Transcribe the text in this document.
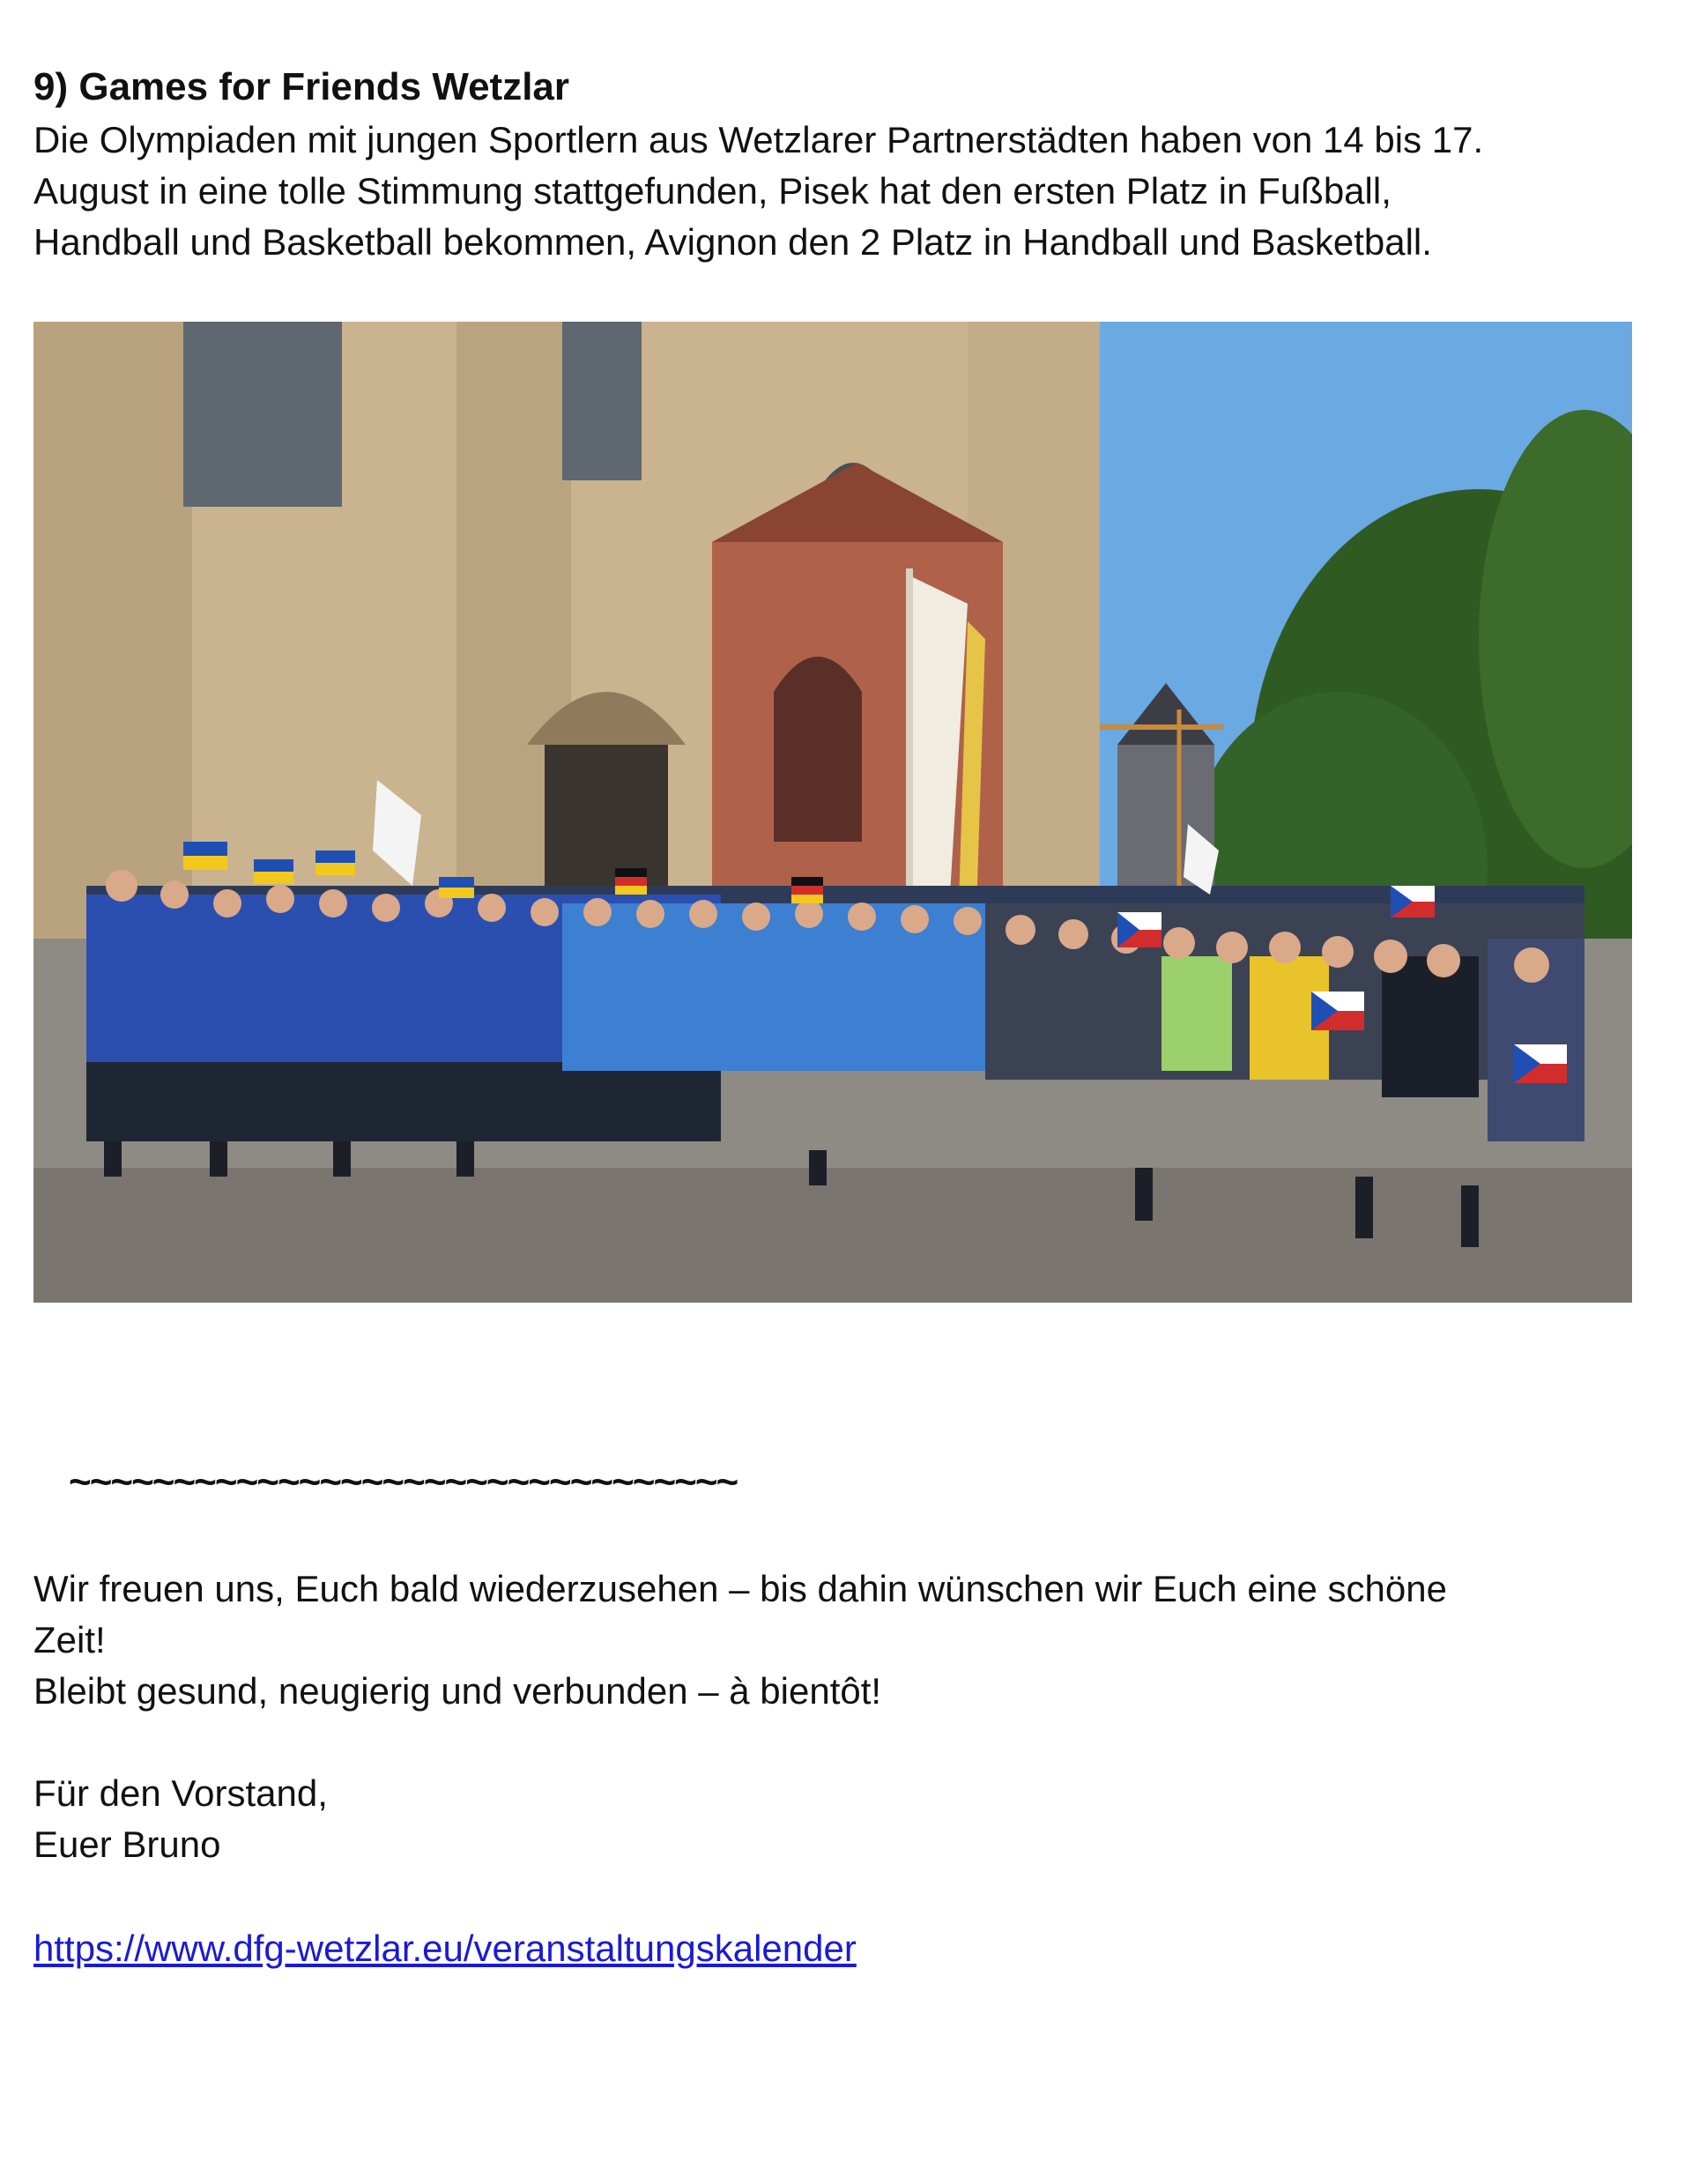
9) Games for Friends Wetzlar
Die Olympiaden mit jungen Sportlern aus Wetzlarer Partnerstädten haben von 14 bis 17.
August in eine tolle Stimmung stattgefunden, Pisek hat den ersten Platz in Fußball,
Handball und Basketball bekommen, Avignon den 2 Platz in Handball und Basketball.
~~~~~~~~~~~~~~~~~~~~~~~~~~~~~~~~
Wir freuen uns, Euch bald wiederzusehen – bis dahin wünschen wir Euch eine schöne
Zeit!
Bleibt gesund, neugierig und verbunden – à bientôt!
Für den Vorstand,
Euer Bruno
https://www.dfg-wetzlar.eu/veranstaltungskalender
